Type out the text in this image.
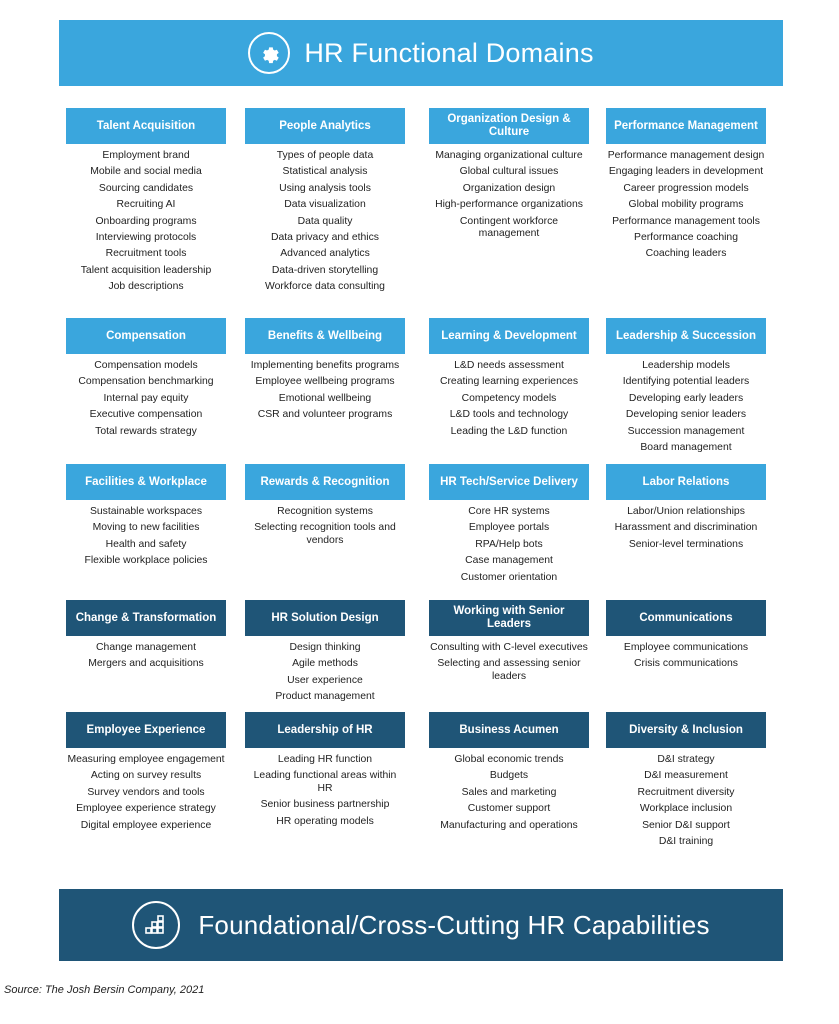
HR Functional Domains
Talent Acquisition
Employment brand
Mobile and social media
Sourcing candidates
Recruiting AI
Onboarding programs
Interviewing protocols
Recruitment tools
Talent acquisition leadership
Job descriptions
People Analytics
Types of people data
Statistical analysis
Using analysis tools
Data visualization
Data quality
Data privacy and ethics
Advanced analytics
Data-driven storytelling
Workforce data consulting
Organization Design & Culture
Managing organizational culture
Global cultural issues
Organization design
High-performance organizations
Contingent workforce management
Performance Management
Performance management design
Engaging leaders in development
Career progression models
Global mobility programs
Performance management tools
Performance coaching
Coaching leaders
Compensation
Compensation models
Compensation benchmarking
Internal pay equity
Executive compensation
Total rewards strategy
Benefits & Wellbeing
Implementing benefits programs
Employee wellbeing programs
Emotional wellbeing
CSR and volunteer programs
Learning & Development
L&D needs assessment
Creating learning experiences
Competency models
L&D tools and technology
Leading the L&D function
Leadership & Succession
Leadership models
Identifying potential leaders
Developing early leaders
Developing senior leaders
Succession management
Board management
Facilities & Workplace
Sustainable workspaces
Moving to new facilities
Health and safety
Flexible workplace policies
Rewards & Recognition
Recognition systems
Selecting recognition tools and vendors
HR Tech/Service Delivery
Core HR systems
Employee portals
RPA/Help bots
Case management
Customer orientation
Labor Relations
Labor/Union relationships
Harassment and discrimination
Senior-level terminations
Change & Transformation
Change management
Mergers and acquisitions
HR Solution Design
Design thinking
Agile methods
User experience
Product management
Working with Senior Leaders
Consulting with C-level executives
Selecting and assessing senior leaders
Communications
Employee communications
Crisis communications
Employee Experience
Measuring employee engagement
Acting on survey results
Survey vendors and tools
Employee experience strategy
Digital employee experience
Leadership of HR
Leading HR function
Leading functional areas within HR
Senior business partnership
HR operating models
Business Acumen
Global economic trends
Budgets
Sales and marketing
Customer support
Manufacturing and operations
Diversity & Inclusion
D&I strategy
D&I measurement
Recruitment diversity
Workplace inclusion
Senior D&I support
D&I training
Foundational/Cross-Cutting HR Capabilities
Source: The Josh Bersin Company, 2021
